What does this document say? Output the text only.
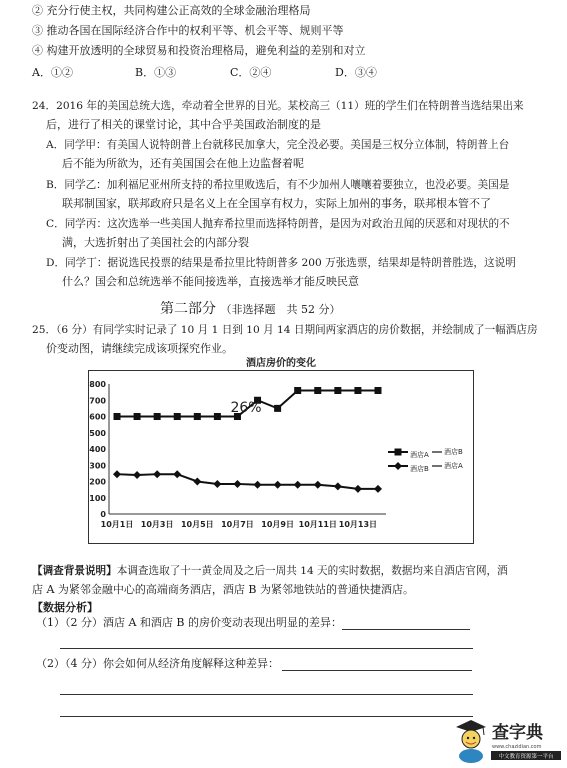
② 充分行使主权，共同构建公正高效的全球金融治理格局
③ 推动各国在国际经济合作中的权利平等、机会平等、规则平等
④ 构建开放透明的全球贸易和投资治理格局，避免利益的差别和对立
A．①②	B．①③	C．②④	D．③④
24．2016 年的美国总统大选，牵动着全世界的目光。某校高三（11）班的学生们在特朗普当选结果出来
后，进行了相关的课堂讨论，其中合乎美国政治制度的是
A．同学甲：有美国人说特朗普上台就移民加拿大，完全没必要。美国是三权分立体制，特朗普上台
后不能为所欲为，还有美国国会在他上边监督着呢
B．同学乙：加利福尼亚州所支持的希拉里败选后，有不少加州人嚷嚷着要独立，也没必要。美国是
联邦制国家，联邦政府只是名义上在全国享有权力，实际上加州的事务，联邦根本管不了
C．同学丙：这次选举一些美国人抛弃希拉里而选择特朗普，是因为对政治丑闻的厌恶和对现状的不
满，大选折射出了美国社会的内部分裂
D．同学丁：据说选民投票的结果是希拉里比特朗普多 200 万张选票，结果却是特朗普胜选，这说明
什么？国会和总统选举不能间接选举，直接选举才能反映民意
第二部分 （非选择题　共 52 分）
25．（6 分）有同学实时记录了 10 月 1 日到 10 月 14 日期间两家酒店的房价数据，并绘制成了一幅酒店房
价变动图，请继续完成该项探究作业。
酒店房价的变化
0
100
200
300
400
500
600
700
800
10月1日 10月3日 10月5日 10月7日 10月9日 10月11日 10月13日
酒店A 酒店B
酒店B 酒店A
26%
【调查背景说明】本调查选取了十一黄金周及之后一周共 14 天的实时数据，数据均来自酒店官网，酒
店 A 为紧邻金融中心的高端商务酒店，酒店 B 为紧邻地铁站的普通快捷酒店。
【数据分析】
（1）（2 分）酒店 A 和酒店 B 的房价变动表现出明显的差异：
（2）（4 分）你会如何从经济角度解释这种差异：
查字典
www.chazidian.com
中文教育资源第一平台
